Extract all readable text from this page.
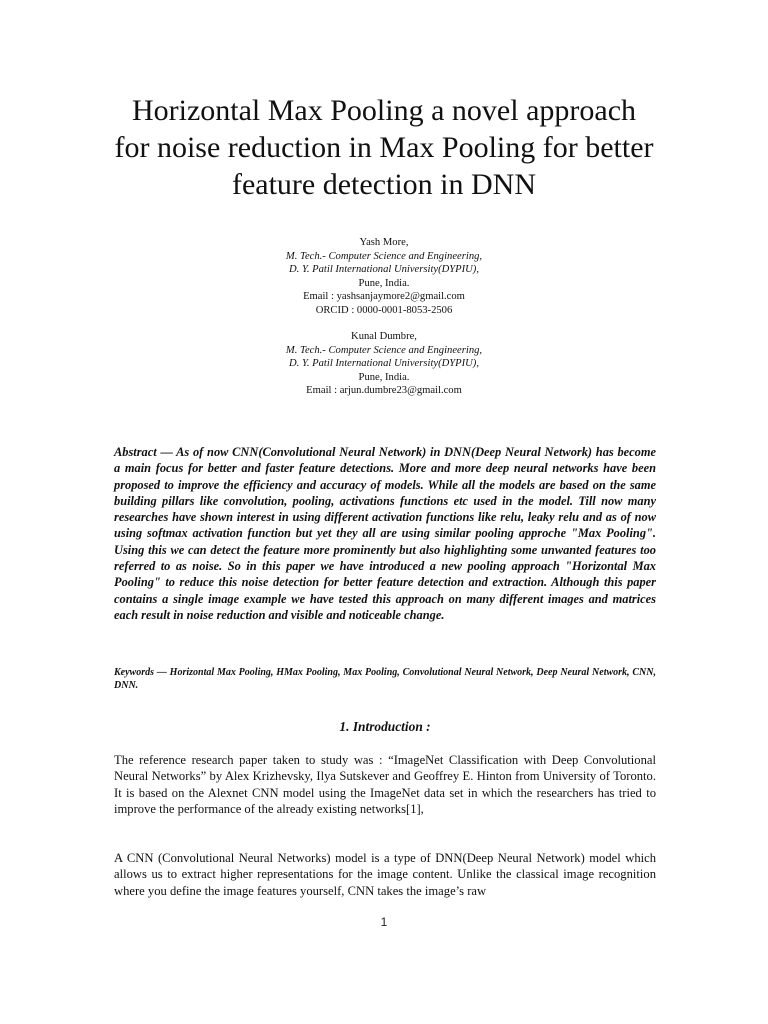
Horizontal Max Pooling a novel approach
for noise reduction in Max Pooling for better
feature detection in DNN
Yash More,
M. Tech.- Computer Science and Engineering,
D. Y. Patil International University(DYPIU),
Pune, India.
Email : yashsanjaymore2@gmail.com
ORCID : 0000-0001-8053-2506
Kunal Dumbre,
M. Tech.- Computer Science and Engineering,
D. Y. Patil International University(DYPIU),
Pune, India.
Email : arjun.dumbre23@gmail.com

Abstract — As of now CNN(Convolutional Neural Network) in DNN(Deep Neural Network) has become a main focus for better and faster feature detections. More and more deep neural networks have been proposed to improve the efficiency and accuracy of models. While all the models are based on the same building pillars like convolution, pooling, activations functions etc used in the model. Till now many researches have shown interest in using different activation functions like relu, leaky relu and as of now using softmax activation function but yet they all are using similar pooling approche "Max Pooling". Using this we can detect the feature more prominently but also highlighting some unwanted features too referred to as noise. So in this paper we have introduced a new pooling approach "Horizontal Max Pooling" to reduce this noise detection for better feature detection and extraction. Although this paper contains a single image example we have tested this approach on many different images and matrices each result in noise reduction and visible and noticeable change.

Keywords — Horizontal Max Pooling, HMax Pooling, Max Pooling, Convolutional Neural Network, Deep Neural Network, CNN, DNN.

1. Introduction :

The reference research paper taken to study was : “ImageNet Classification with Deep Convolutional Neural Networks” by Alex Krizhevsky, Ilya Sutskever and Geoffrey E. Hinton from University of Toronto. It is based on the Alexnet CNN model using the ImageNet data set in which the researchers has tried to improve the performance of the already existing networks[1],

A CNN (Convolutional Neural Networks) model is a type of DNN(Deep Neural Network) model which allows us to extract higher representations for the image content. Unlike the classical image recognition where you define the image features yourself, CNN takes the image’s raw

1
